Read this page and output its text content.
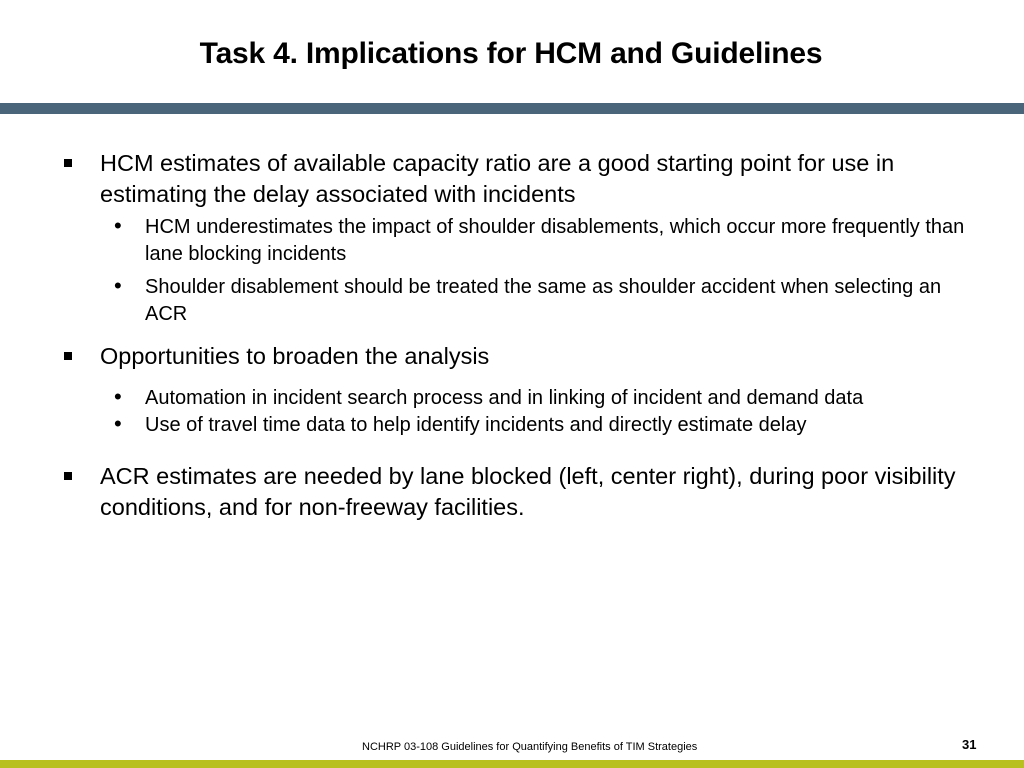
Task 4. Implications for HCM and Guidelines
HCM estimates of available capacity ratio are a good starting point for use in estimating the delay associated with incidents
• HCM underestimates the impact of shoulder disablements, which occur more frequently than lane blocking incidents
• Shoulder disablement should be treated the same as shoulder accident when selecting an ACR
Opportunities to broaden the analysis
• Automation in incident search process and in linking of incident and demand data
• Use of travel time data to help identify incidents and directly estimate delay
ACR estimates are needed by lane blocked (left, center right), during poor visibility conditions, and for non-freeway facilities.
NCHRP 03-108 Guidelines for Quantifying Benefits of TIM Strategies	31
